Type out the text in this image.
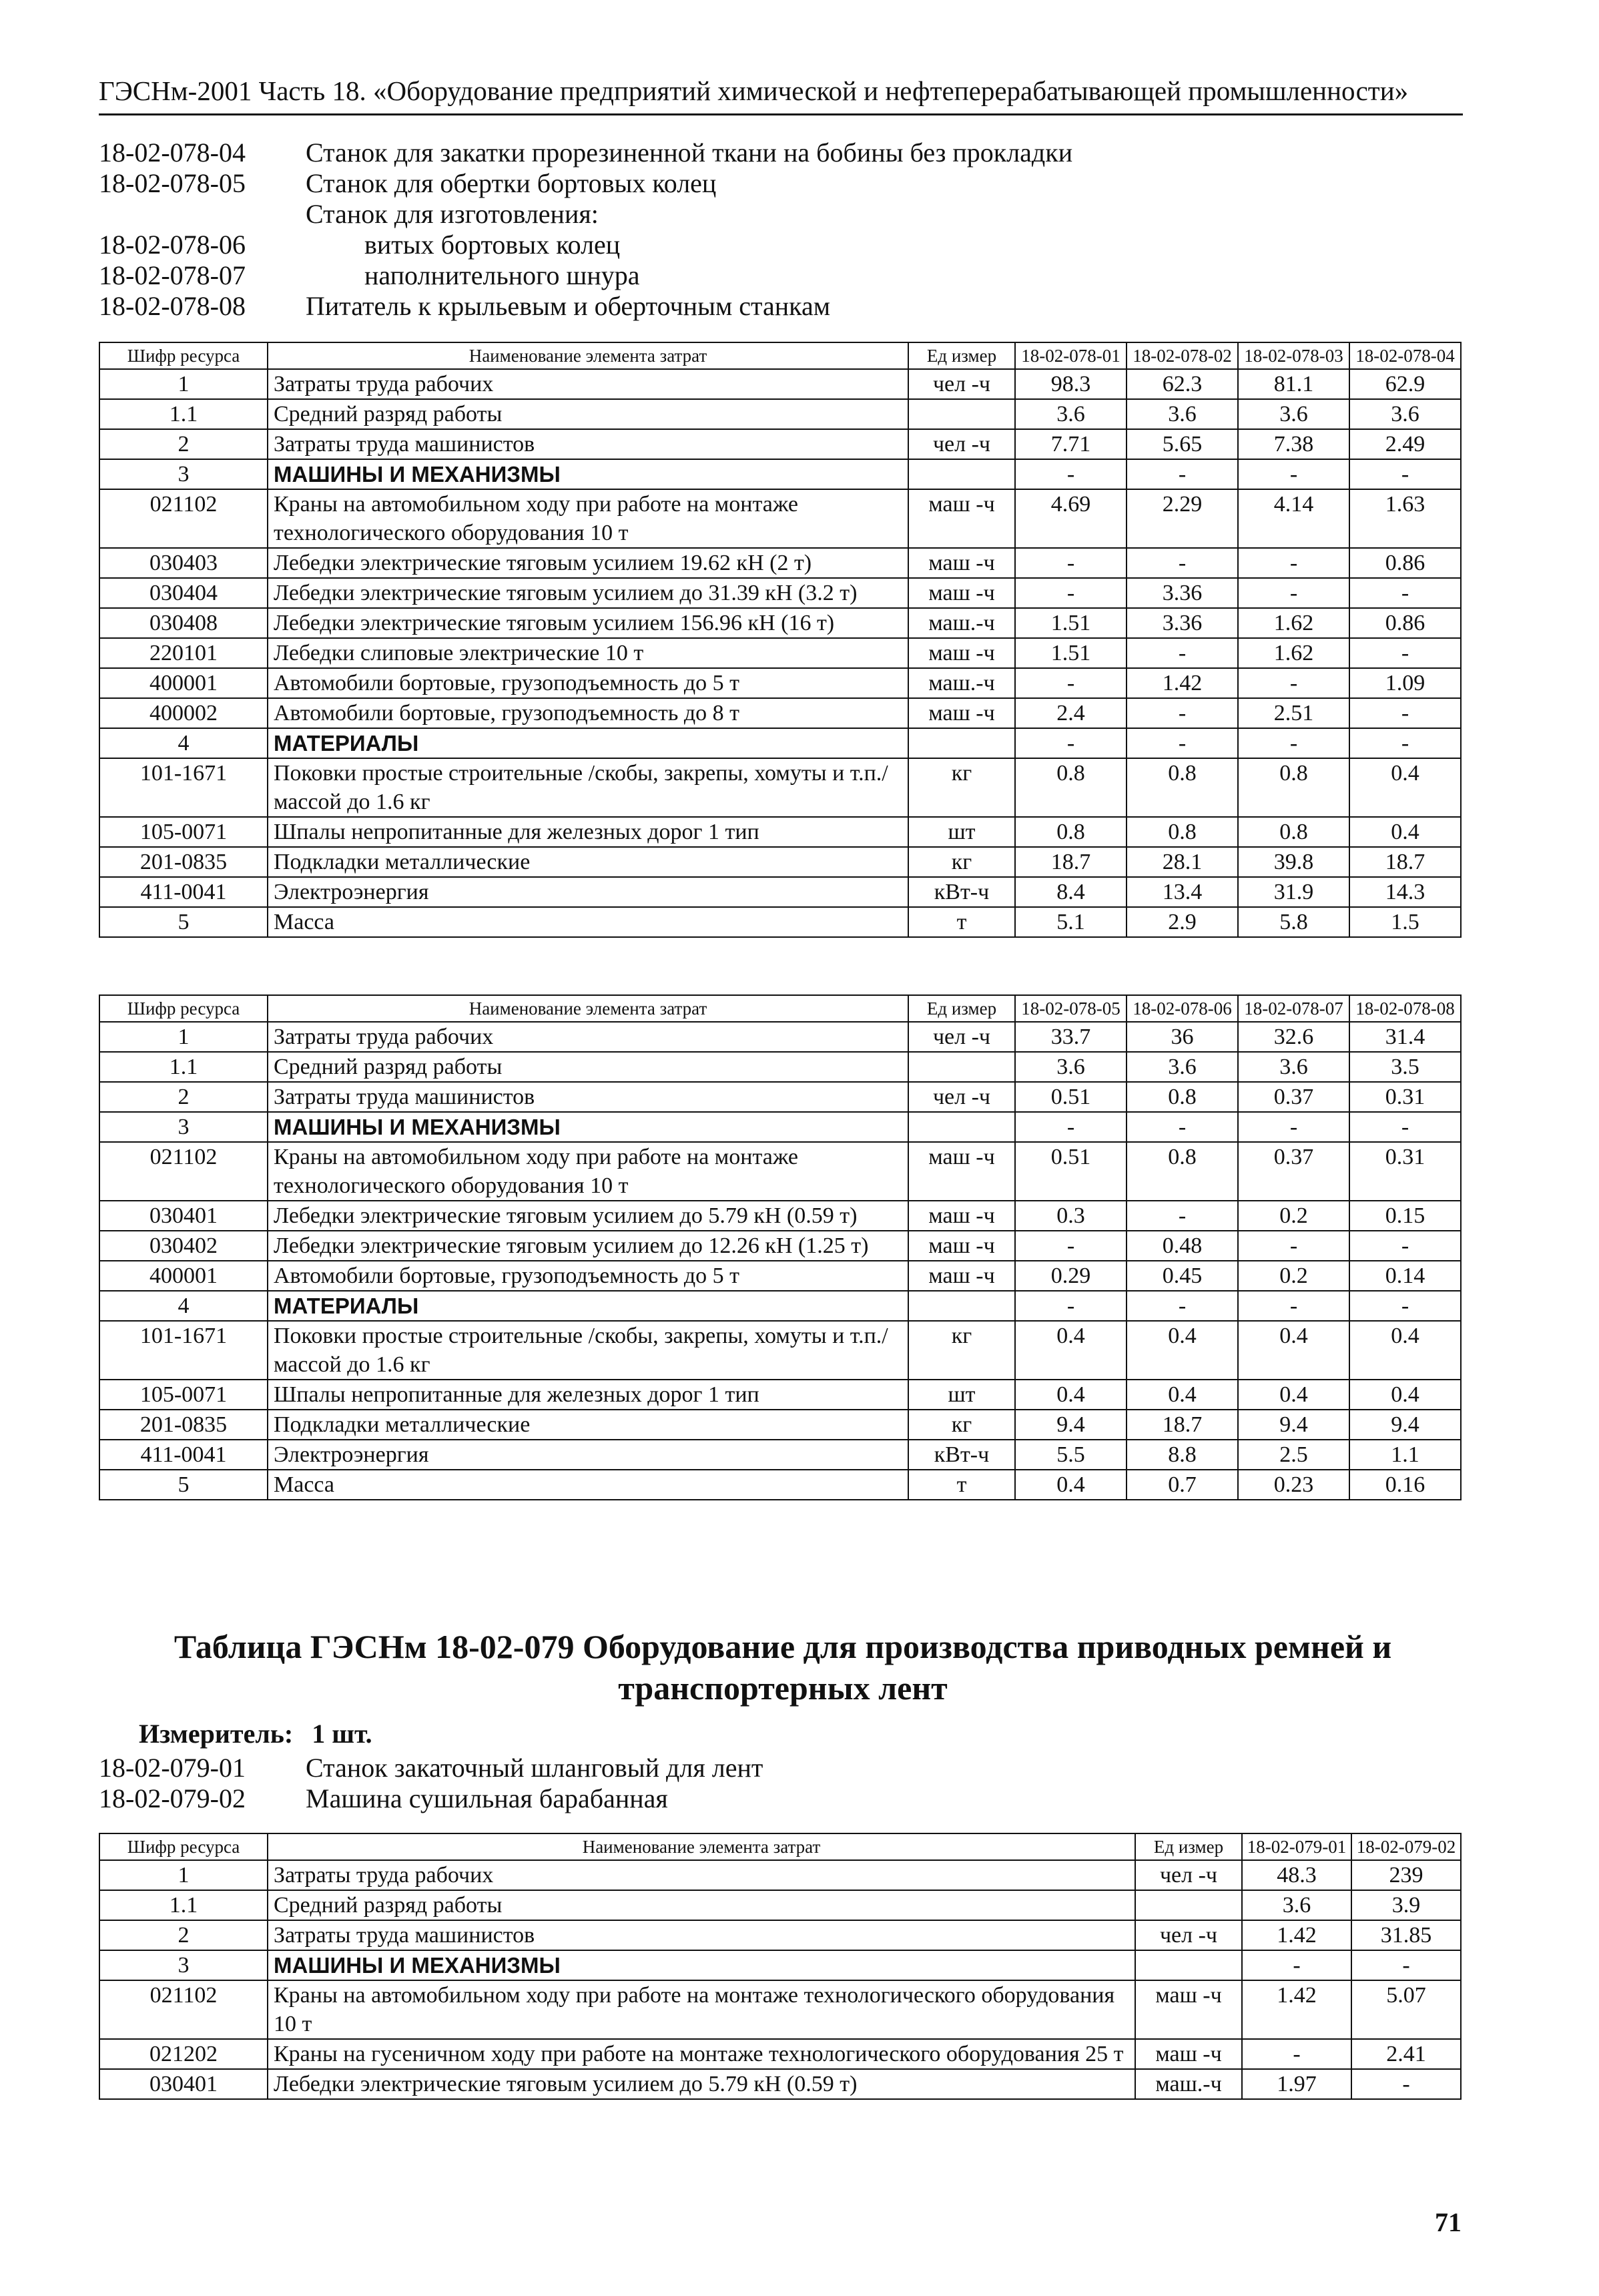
ГЭСНм-2001 Часть 18. «Оборудование предприятий химической и нефтеперерабатывающей промышленности»
18-02-078-04 Станок для закатки прорезиненной ткани на бобины без прокладки
18-02-078-05 Станок для обертки бортовых колец
Станок для изготовления:
18-02-078-06	витых бортовых колец
18-02-078-07	наполнительного шнура
18-02-078-08 Питатель к крыльевым и оберточным станкам
Шифр ресурса	Наименование элемента затрат	Ед измер	18-02-078-01	18-02-078-02	18-02-078-03	18-02-078-04
1	Затраты труда рабочих	чел -ч	98.3	62.3	81.1	62.9
1.1	Средний разряд работы		3.6	3.6	3.6	3.6
2	Затраты труда машинистов	чел -ч	7.71	5.65	7.38	2.49
3	МАШИНЫ И МЕХАНИЗМЫ		-	-	-	-
021102	Краны на автомобильном ходу при работе на монтаже технологического оборудования 10 т	маш -ч	4.69	2.29	4.14	1.63
030403	Лебедки электрические тяговым усилием 19.62 кН (2 т)	маш -ч	-	-	-	0.86
030404	Лебедки электрические тяговым усилием до 31.39 кН (3.2 т)	маш -ч	-	3.36	-	-
030408	Лебедки электрические тяговым усилием 156.96 кН (16 т)	маш.-ч	1.51	3.36	1.62	0.86
220101	Лебедки слиповые электрические 10 т	маш -ч	1.51	-	1.62	-
400001	Автомобили бортовые, грузоподъемность до 5 т	маш.-ч	-	1.42	-	1.09
400002	Автомобили бортовые, грузоподъемность до 8 т	маш -ч	2.4	-	2.51	-
4	МАТЕРИАЛЫ		-	-	-	-
101-1671	Поковки простые строительные /скобы, закрепы, хомуты и т.п./ массой до 1.6 кг	кг	0.8	0.8	0.8	0.4
105-0071	Шпалы непропитанные для железных дорог 1 тип	шт	0.8	0.8	0.8	0.4
201-0835	Подкладки металлические	кг	18.7	28.1	39.8	18.7
411-0041	Электроэнергия	кВт-ч	8.4	13.4	31.9	14.3
5	Масса	т	5.1	2.9	5.8	1.5
Шифр ресурса	Наименование элемента затрат	Ед измер	18-02-078-05	18-02-078-06	18-02-078-07	18-02-078-08
1	Затраты труда рабочих	чел -ч	33.7	36	32.6	31.4
1.1	Средний разряд работы		3.6	3.6	3.6	3.5
2	Затраты труда машинистов	чел -ч	0.51	0.8	0.37	0.31
3	МАШИНЫ И МЕХАНИЗМЫ		-	-	-	-
021102	Краны на автомобильном ходу при работе на монтаже технологического оборудования 10 т	маш -ч	0.51	0.8	0.37	0.31
030401	Лебедки электрические тяговым усилием до 5.79 кН (0.59 т)	маш -ч	0.3	-	0.2	0.15
030402	Лебедки электрические тяговым усилием до 12.26 кН (1.25 т)	маш -ч	-	0.48	-	-
400001	Автомобили бортовые, грузоподъемность до 5 т	маш -ч	0.29	0.45	0.2	0.14
4	МАТЕРИАЛЫ		-	-	-	-
101-1671	Поковки простые строительные /скобы, закрепы, хомуты и т.п./ массой до 1.6 кг	кг	0.4	0.4	0.4	0.4
105-0071	Шпалы непропитанные для железных дорог 1 тип	шт	0.4	0.4	0.4	0.4
201-0835	Подкладки металлические	кг	9.4	18.7	9.4	9.4
411-0041	Электроэнергия	кВт-ч	5.5	8.8	2.5	1.1
5	Масса	т	0.4	0.7	0.23	0.16
Таблица ГЭСНм 18-02-079 Оборудование для производства приводных ремней и транспортерных лент
Измеритель: 1 шт.
18-02-079-01 Станок закаточный шланговый для лент
18-02-079-02 Машина сушильная барабанная
Шифр ресурса	Наименование элемента затрат	Ед измер	18-02-079-01	18-02-079-02
1	Затраты труда рабочих	чел -ч	48.3	239
1.1	Средний разряд работы		3.6	3.9
2	Затраты труда машинистов	чел -ч	1.42	31.85
3	МАШИНЫ И МЕХАНИЗМЫ		-	-
021102	Краны на автомобильном ходу при работе на монтаже технологического оборудования 10 т	маш -ч	1.42	5.07
021202	Краны на гусеничном ходу при работе на монтаже технологического оборудования 25 т	маш -ч	-	2.41
030401	Лебедки электрические тяговым усилием до 5.79 кН (0.59 т)	маш.-ч	1.97	-
71
